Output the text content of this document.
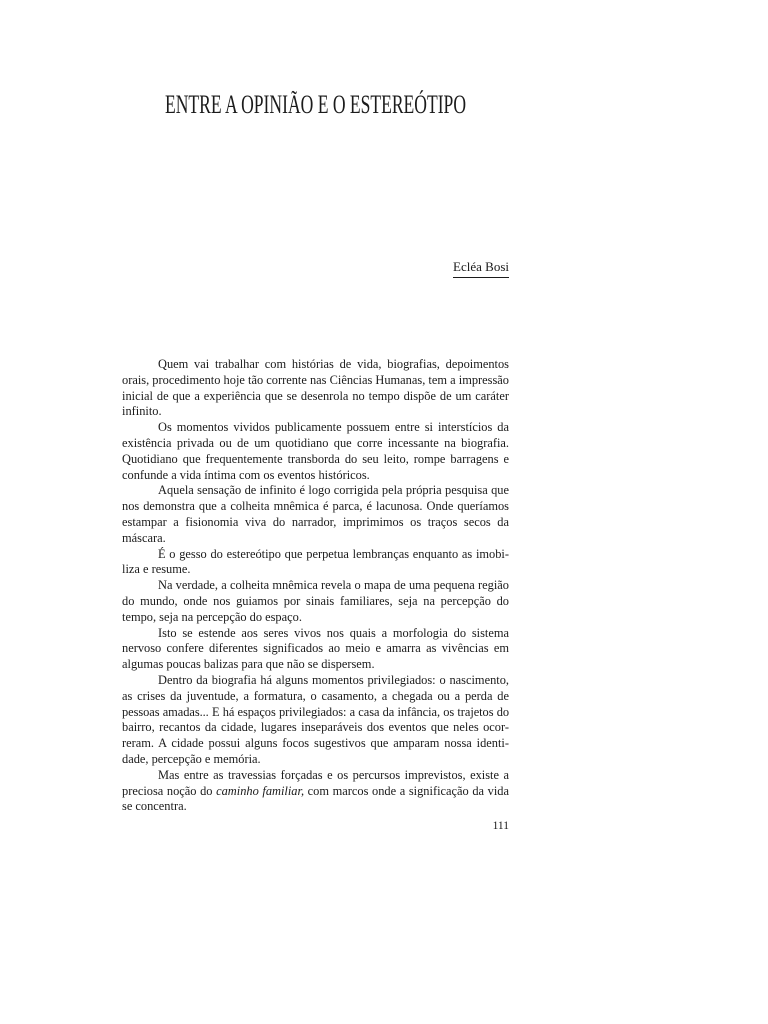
ENTRE A OPINIÃO E O ESTEREÓTIPO
Ecléa Bosi
Quem vai trabalhar com histórias de vida, biografias, depoimentos
orais, procedimento hoje tão corrente nas Ciências Humanas, tem a impressão
inicial de que a experiência que se desenrola no tempo dispõe de um caráter
infinito.
Os momentos vividos publicamente possuem entre si interstícios da
existência privada ou de um quotidiano que corre incessante na biografia.
Quotidiano que frequentemente transborda do seu leito, rompe barragens e
confunde a vida íntima com os eventos históricos.
Aquela sensação de infinito é logo corrigida pela própria pesquisa que
nos demonstra que a colheita mnêmica é parca, é lacunosa. Onde queríamos
estampar a fisionomia viva do narrador, imprimimos os traços secos da
máscara.
É o gesso do estereótipo que perpetua lembranças enquanto as imobi-
liza e resume.
Na verdade, a colheita mnêmica revela o mapa de uma pequena região
do mundo, onde nos guiamos por sinais familiares, seja na percepção do
tempo, seja na percepção do espaço.
Isto se estende aos seres vivos nos quais a morfologia do sistema
nervoso confere diferentes significados ao meio e amarra as vivências em
algumas poucas balizas para que não se dispersem.
Dentro da biografia há alguns momentos privilegiados: o nascimento,
as crises da juventude, a formatura, o casamento, a chegada ou a perda de
pessoas amadas... E há espaços privilegiados: a casa da infância, os trajetos do
bairro, recantos da cidade, lugares inseparáveis dos eventos que neles ocor-
reram. A cidade possui alguns focos sugestivos que amparam nossa identi-
dade, percepção e memória.
Mas entre as travessias forçadas e os percursos imprevistos, existe a
preciosa noção do caminho familiar, com marcos onde a significação da vida
se concentra.
111
